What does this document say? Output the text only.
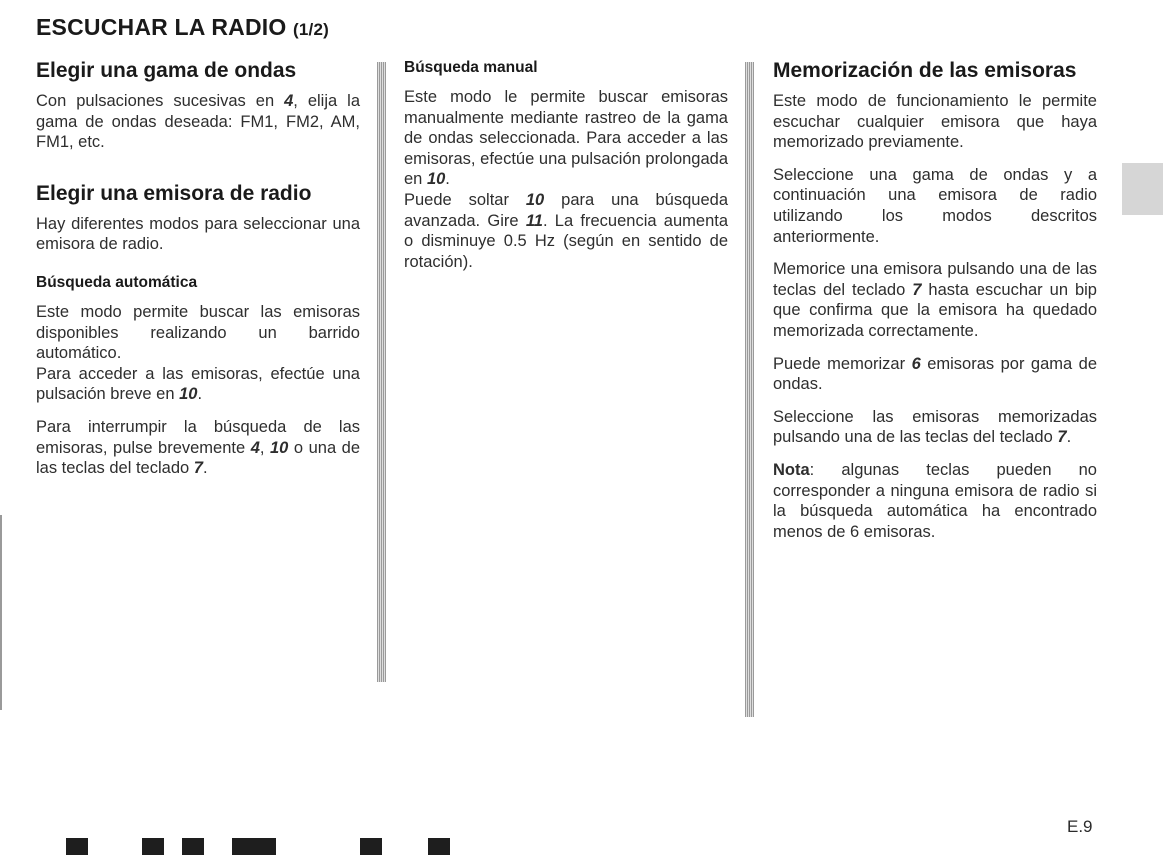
ESCUCHAR LA RADIO (1/2)
Elegir una gama de ondas

Con pulsaciones sucesivas en 4, elija la gama de ondas deseada: FM1, FM2, AM, FM1, etc.

Elegir una emisora de radio

Hay diferentes modos para seleccionar una emisora de radio.

Búsqueda automática

Este modo permite buscar las emisoras disponibles realizando un barrido automático.

Para acceder a las emisoras, efectúe una pulsación breve en 10.

Para interrumpir la búsqueda de las emisoras, pulse brevemente 4, 10 o una de las teclas del teclado 7.

Búsqueda manual

Este modo le permite buscar emisoras manualmente mediante rastreo de la gama de ondas seleccionada. Para acceder a las emisoras, efectúe una pulsación prolongada en 10.

Puede soltar 10 para una búsqueda avanzada. Gire 11. La frecuencia aumenta o disminuye 0.5 Hz (según en sentido de rotación).

Memorización de las emisoras

Este modo de funcionamiento le permite escuchar cualquier emisora que haya memorizado previamente.

Seleccione una gama de ondas y a continuación una emisora de radio utilizando los modos descritos anteriormente.

Memorice una emisora pulsando una de las teclas del teclado 7 hasta escuchar un bip que confirma que la emisora ha quedado memorizada correctamente.

Puede memorizar 6 emisoras por gama de ondas.

Seleccione las emisoras memorizadas pulsando una de las teclas del teclado 7.

Nota: algunas teclas pueden no corresponder a ninguna emisora de radio si la búsqueda automática ha encontrado menos de 6 emisoras.

E.9
